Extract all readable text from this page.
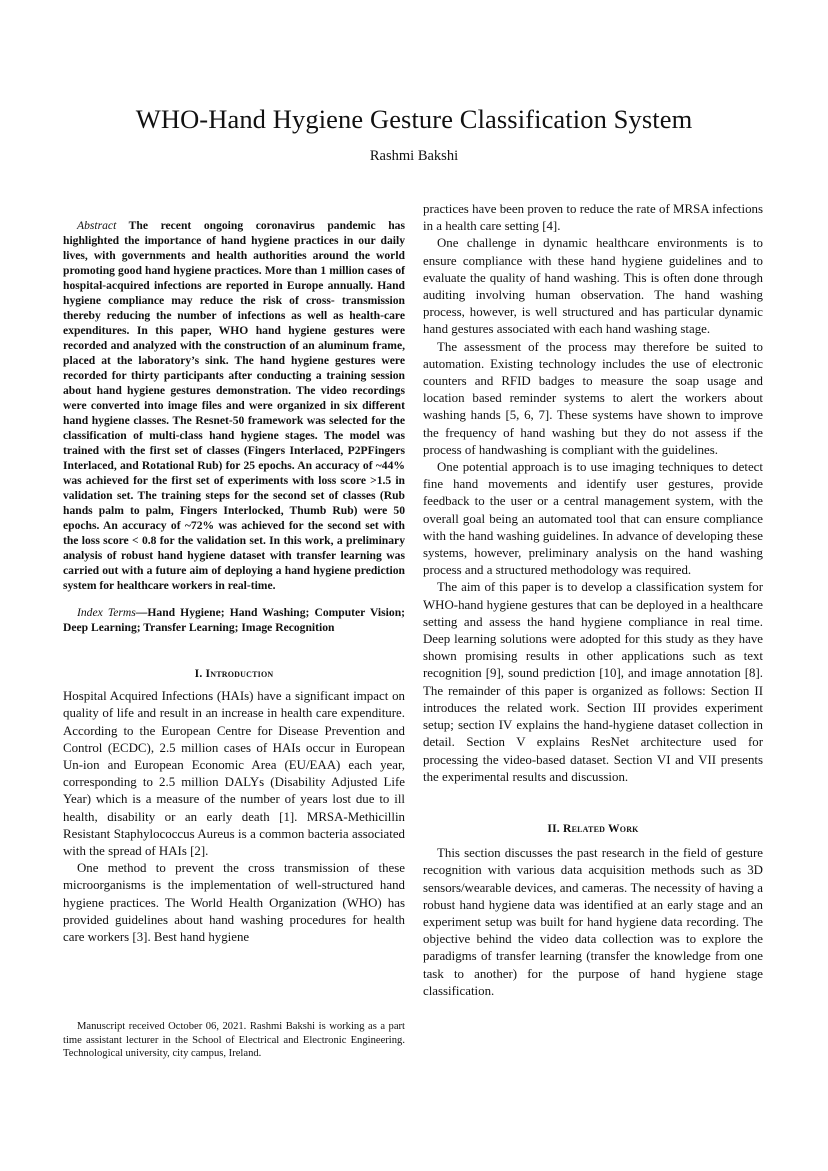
WHO-Hand Hygiene Gesture Classification System
Rashmi Bakshi

Abstract The recent ongoing coronavirus pandemic has highlighted the importance of hand hygiene practices in our daily lives, with governments and health authorities around the world promoting good hand hygiene practices. More than 1 million cases of hospital-acquired infections are reported in Europe annually. Hand hygiene compliance may reduce the risk of cross- transmission thereby reducing the number of infections as well as health-care expenditures. In this paper, WHO hand hygiene gestures were recorded and analyzed with the construction of an aluminum frame, placed at the laboratory’s sink. The hand hygiene gestures were recorded for thirty participants after conducting a training session about hand hygiene gestures demonstration. The video recordings were converted into image files and were organized in six different hand hygiene classes. The Resnet-50 framework was selected for the classification of multi-class hand hygiene stages. The model was trained with the first set of classes (Fingers Interlaced, P2PFingers Interlaced, and Rotational Rub) for 25 epochs. An accuracy of ~44% was achieved for the first set of experiments with loss score >1.5 in validation set. The training steps for the second set of classes (Rub hands palm to palm, Fingers Interlocked, Thumb Rub) were 50 epochs. An accuracy of ~72% was achieved for the second set with the loss score < 0.8 for the validation set. In this work, a preliminary analysis of robust hand hygiene dataset with transfer learning was carried out with a future aim of deploying a hand hygiene prediction system for healthcare workers in real-time.

Index Terms—Hand Hygiene; Hand Washing; Computer Vision; Deep Learning; Transfer Learning; Image Recognition

I. Introduction

Hospital Acquired Infections (HAIs) have a significant impact on quality of life and result in an increase in health care expenditure. According to the European Centre for Disease Prevention and Control (ECDC), 2.5 million cases of HAIs occur in European Un-ion and European Economic Area (EU/EAA) each year, corresponding to 2.5 million DALYs (Disability Adjusted Life Year) which is a measure of the number of years lost due to ill health, disability or an early death [1]. MRSA-Methicillin Resistant Staphylococcus Aureus is a common bacteria associated with the spread of HAIs [2].

One method to prevent the cross transmission of these microorganisms is the implementation of well-structured hand hygiene practices. The World Health Organization (WHO) has provided guidelines about hand washing procedures for health care workers [3]. Best hand hygiene

practices have been proven to reduce the rate of MRSA infections in a health care setting [4].

One challenge in dynamic healthcare environments is to ensure compliance with these hand hygiene guidelines and to evaluate the quality of hand washing. This is often done through auditing involving human observation. The hand washing process, however, is well structured and has particular dynamic hand gestures associated with each hand washing stage.

The assessment of the process may therefore be suited to automation. Existing technology includes the use of electronic counters and RFID badges to measure the soap usage and location based reminder systems to alert the workers about washing hands [5, 6, 7]. These systems have shown to improve the frequency of hand washing but they do not assess if the process of handwashing is compliant with the guidelines.

One potential approach is to use imaging techniques to detect fine hand movements and identify user gestures, provide feedback to the user or a central management system, with the overall goal being an automated tool that can ensure compliance with the hand washing guidelines. In advance of developing these systems, however, preliminary analysis on the hand washing process and a structured methodology was required.

The aim of this paper is to develop a classification system for WHO-hand hygiene gestures that can be deployed in a healthcare setting and assess the hand hygiene compliance in real time. Deep learning solutions were adopted for this study as they have shown promising results in other applications such as text recognition [9], sound prediction [10], and image annotation [8]. The remainder of this paper is organized as follows: Section II introduces the related work. Section III provides experiment setup; section IV explains the hand-hygiene dataset collection in detail. Section V explains ResNet architecture used for processing the video-based dataset. Section VI and VII presents the experimental results and discussion.

II. Related Work

This section discusses the past research in the field of gesture recognition with various data acquisition methods such as 3D sensors/wearable devices, and cameras. The necessity of having a robust hand hygiene data was identified at an early stage and an experiment setup was built for hand hygiene data recording. The objective behind the video data collection was to explore the paradigms of transfer learning (transfer the knowledge from one task to another) for the purpose of hand hygiene stage classification.

Manuscript received October 06, 2021. Rashmi Bakshi is working as a part time assistant lecturer in the School of Electrical and Electronic Engineering. Technological university, city campus, Ireland.
